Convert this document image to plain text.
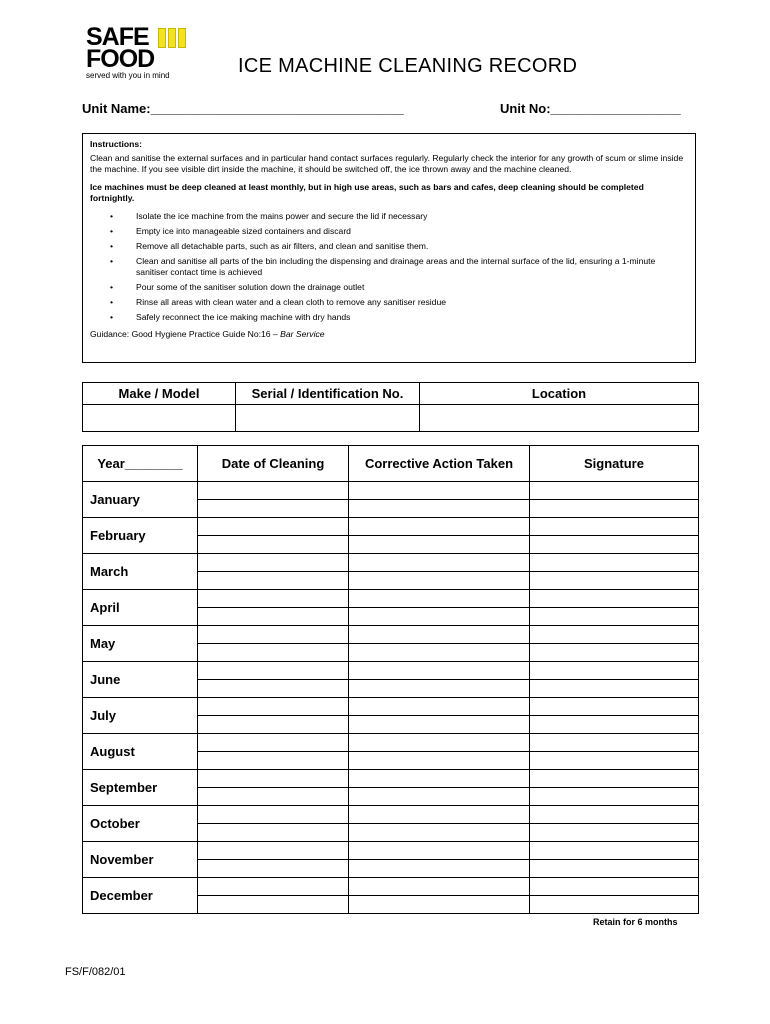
SAFE
FOOD
served with you in mind	ICE MACHINE CLEANING RECORD
Unit Name:___________________________________	Unit No:__________________

Instructions:

Clean and sanitise the external surfaces and in particular hand contact surfaces regularly. Regularly check the interior for any growth of scum or slime inside the machine. If you see visible dirt inside the machine, it should be switched off, the ice thrown away and the machine cleaned.

Ice machines must be deep cleaned at least monthly, but in high use areas, such as bars and cafes, deep cleaning should be completed fortnightly.

• Isolate the ice machine from the mains power and secure the lid if necessary
• Empty ice into manageable sized containers and discard
• Remove all detachable parts, such as air filters, and clean and sanitise them.
• Clean and sanitise all parts of the bin including the dispensing and drainage areas and the internal surface of the lid, ensuring a 1-minute sanitiser contact time is achieved
• Pour some of the sanitiser solution down the drainage outlet
• Rinse all areas with clean water and a clean cloth to remove any sanitiser residue
• Safely reconnect the ice making machine with dry hands

Guidance: Good Hygiene Practice Guide No:16 – Bar Service

Make / Model	Serial / Identification No.	Location

Year________	Date of Cleaning	Corrective Action Taken	Signature
January			

February			

March			

April			

May			

June			

July			

August			

September			

October			

November			

December			

Retain for 6 months
FS/F/082/01
